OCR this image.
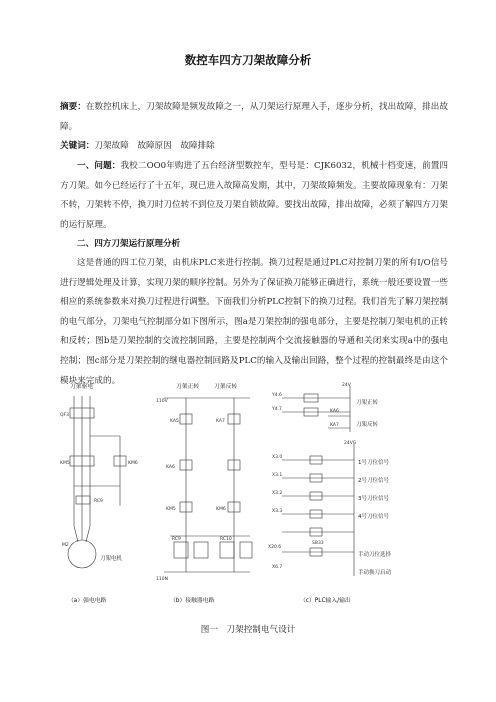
数控车四方刀架故障分析
摘要：在数控机床上，刀架故障是频发故障之一，从刀架运行原理入手，逐步分析，找出故障，排出故障。
关键词：刀架故障　故障原因　故障排除
一、问题：我校二OO0年购进了五台经济型数控车，型号是：CJK6032，机械十档变速，前置四方刀架。如今已经运行了十五年，现已进入故障高发期，其中，刀架故障频发。主要故障现象有：刀架不转，刀架转不停，换刀时刀位转不到位及刀架自锁故障。要找出故障，排出故障，必须了解四方刀架的运行原理。
二、四方刀架运行原理分析
这是普通的四工位刀架，由机床PLC来进行控制。换刀过程是通过PLC对控制刀架的所有I/O信号进行逻辑处理及计算，实现刀架的顺序控制。另外为了保证换刀能够正确进行，系统一般还要设置一些相应的系统参数来对换刀过程进行调整。下面我们分析PLC控制下的换刀过程。我们首先了解刀架控制的电气部分，刀架电气控制部分如下图所示，图a是刀架控制的强电部分，主要是控制刀架电机的正转和反转；图b是刀架控制的交流控制回路，主要是控制两个交流接触器的导通和关闭来实现a中的强电控制；图c部分是刀架控制的继电器控制回路及PLC的输入及输出回路，整个过程的控制最终是由这个模块来完成的。
刀架驱电
QF3
KM5	KM6
RC9
M2
刀架电机
刀架正转	刀架反转
110V
KA5
KA6
KA7
KM5	KM6
RC9	RC10
110N
Y4.6
Y4.7	KA6
KA7
24V
X3.0
X3.1
X3.2
X3.3
X20.6
X6.7
SB33
24VG
刀架正转
刀架反转
1号刀位信号
2号刀位信号
3号刀位信号
4号刀位信号
手动刀位选择
手动换刀启动
（a）强电电路	（b）接触器电路	（c）PLC输入/输出
图一　刀架控制电气设计
